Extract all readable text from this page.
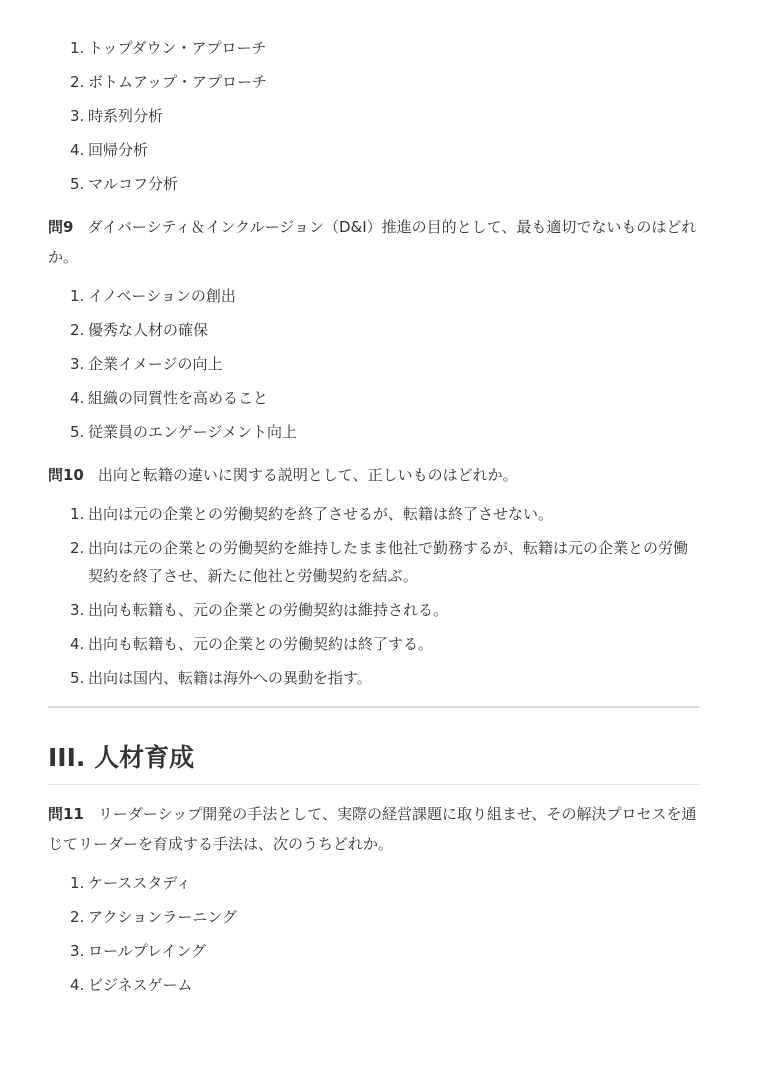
1. トップダウン・アプローチ
2. ボトムアップ・アプローチ
3. 時系列分析
4. 回帰分析
5. マルコフ分析
問9 ダイバーシティ＆インクルージョン（D&I）推進の目的として、最も適切でないものはどれか。
1. イノベーションの創出
2. 優秀な人材の確保
3. 企業イメージの向上
4. 組織の同質性を高めること
5. 従業員のエンゲージメント向上
問10 出向と転籍の違いに関する説明として、正しいものはどれか。
1. 出向は元の企業との労働契約を終了させるが、転籍は終了させない。
2. 出向は元の企業との労働契約を維持したまま他社で勤務するが、転籍は元の企業との労働契約を終了させ、新たに他社と労働契約を結ぶ。
3. 出向も転籍も、元の企業との労働契約は維持される。
4. 出向も転籍も、元の企業との労働契約は終了する。
5. 出向は国内、転籍は海外への異動を指す。
III. 人材育成
問11 リーダーシップ開発の手法として、実際の経営課題に取り組ませ、その解決プロセスを通じてリーダーを育成する手法は、次のうちどれか。
1. ケーススタディ
2. アクションラーニング
3. ロールプレイング
4. ビジネスゲーム
